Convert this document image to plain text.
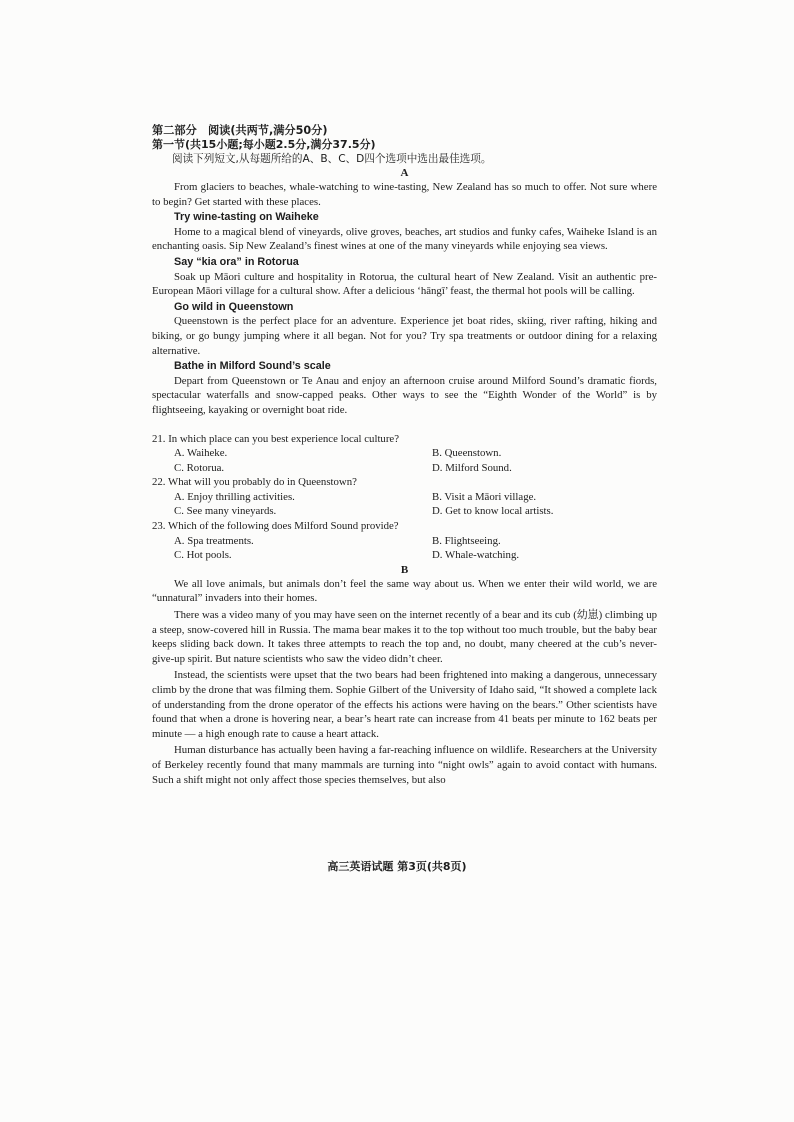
第二部分　阅读(共两节,满分50分)
第一节(共15小题;每小题2.5分,满分37.5分)
阅读下列短文,从每题所给的A、B、C、D四个选项中选出最佳选项。
A

From glaciers to beaches, whale-watching to wine-tasting, New Zealand has so much to offer. Not sure where to begin? Get started with these places.

Try wine-tasting on Waiheke

Home to a magical blend of vineyards, olive groves, beaches, art studios and funky cafes, Waiheke Island is an enchanting oasis. Sip New Zealand’s finest wines at one of the many vineyards while enjoying sea views.

Say “kia ora” in Rotorua

Soak up Māori culture and hospitality in Rotorua, the cultural heart of New Zealand. Visit an authentic pre-European Māori village for a cultural show. After a delicious ‘hāngī’ feast, the thermal hot pools will be calling.

Go wild in Queenstown

Queenstown is the perfect place for an adventure. Experience jet boat rides, skiing, river rafting, hiking and biking, or go bungy jumping where it all began. Not for you? Try spa treatments or outdoor dining for a relaxing alternative.

Bathe in Milford Sound’s scale

Depart from Queenstown or Te Anau and enjoy an afternoon cruise around Milford Sound’s dramatic fiords, spectacular waterfalls and snow-capped peaks. Other ways to see the “Eighth Wonder of the World” is by flightseeing, kayaking or overnight boat ride.

21. In which place can you best experience local culture?

A. Waiheke.	B. Queenstown.
C. Rotorua.	D. Milford Sound.

22. What will you probably do in Queenstown?

A. Enjoy thrilling activities.	B. Visit a Māori village.
C. See many vineyards.	D. Get to know local artists.

23. Which of the following does Milford Sound provide?

A. Spa treatments.	B. Flightseeing.
C. Hot pools.	D. Whale-watching.
B

We all love animals, but animals don’t feel the same way about us. When we enter their wild world, we are “unnatural” invaders into their homes.

There was a video many of you may have seen on the internet recently of a bear and its cub (幼崽) climbing up a steep, snow-covered hill in Russia. The mama bear makes it to the top without too much trouble, but the baby bear keeps sliding back down. It takes three attempts to reach the top and, no doubt, many cheered at the cub’s never-give-up spirit. But nature scientists who saw the video didn’t cheer.

Instead, the scientists were upset that the two bears had been frightened into making a dangerous, unnecessary climb by the drone that was filming them. Sophie Gilbert of the University of Idaho said, “It showed a complete lack of understanding from the drone operator of the effects his actions were having on the bears.” Other scientists have found that when a drone is hovering near, a bear’s heart rate can increase from 41 beats per minute to 162 beats per minute — a high enough rate to cause a heart attack.

Human disturbance has actually been having a far-reaching influence on wildlife. Researchers at the University of Berkeley recently found that many mammals are turning into “night owls” again to avoid contact with humans. Such a shift might not only affect those species themselves, but also

高三英语试题 第3页(共8页)
